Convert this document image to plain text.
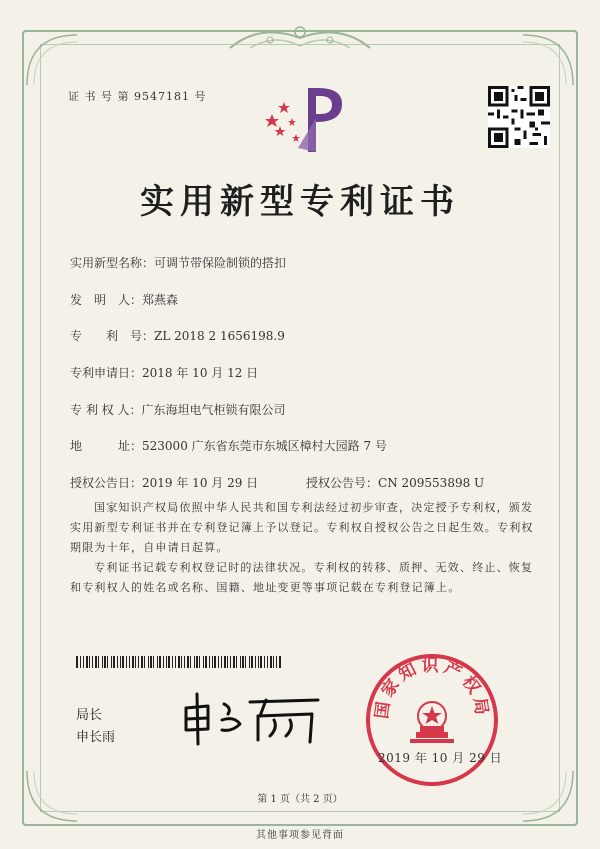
证 书 号 第 9547181 号
实用新型专利证书
实用新型名称：可调节带保险制锁的搭扣
发　明　人：郑燕森
专　　利　号：ZL 2018 2 1656198.9
专利申请日：2018 年 10 月 12 日
专 利 权 人：广东海坦电气柜锁有限公司
地　　　址：523000 广东省东莞市东城区樟村大园路 7 号
授权公告日：2019 年 10 月 29 日	授权公告号：CN 209553898 U
国家知识产权局依照中华人民共和国专利法经过初步审查，决定授予专利权，颁发实用新型专利证书并在专利登记簿上予以登记。专利权自授权公告之日起生效。专利权期限为十年，自申请日起算。
专利证书记载专利权登记时的法律状况。专利权的转移、质押、无效、终止、恢复和专利权人的姓名或名称、国籍、地址变更等事项记载在专利登记簿上。
局长
申长雨
国家知识产权局
2019 年 10 月 29 日
第 1 页（共 2 页）
其他事项参见背面
